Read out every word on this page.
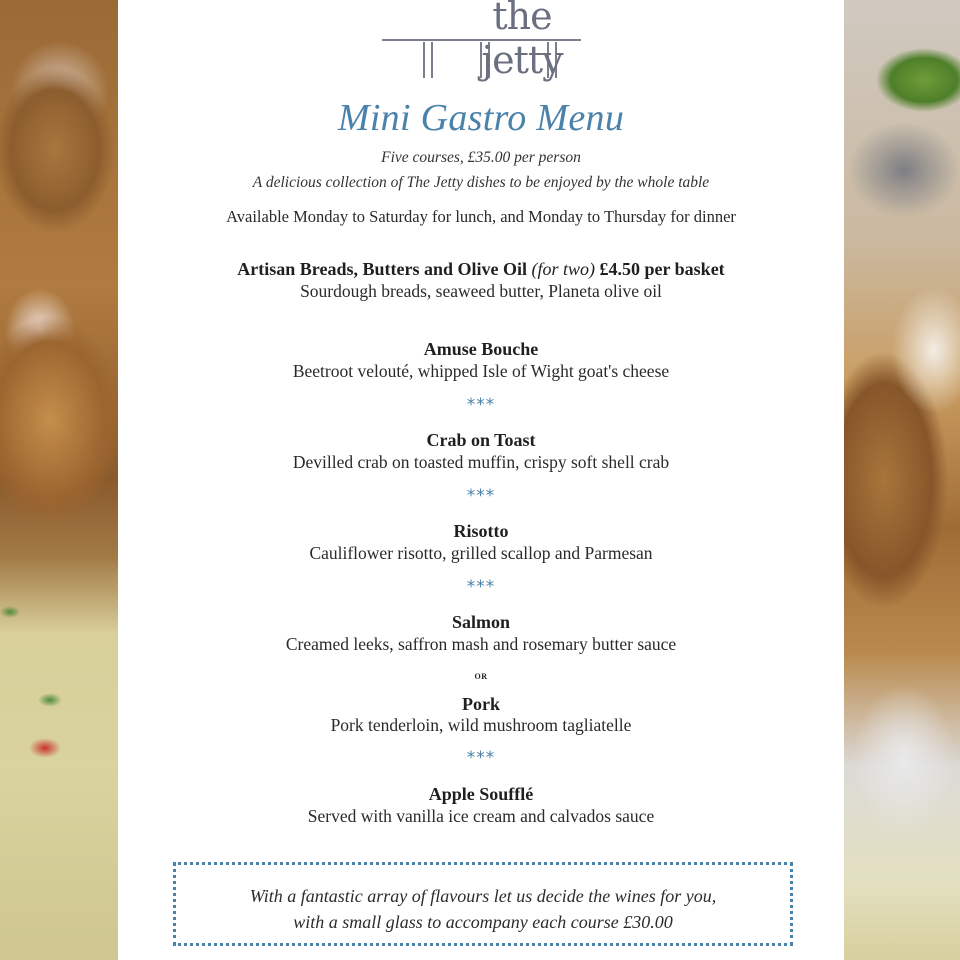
the jetty
Mini Gastro Menu
Five courses, £35.00 per person
A delicious collection of The Jetty dishes to be enjoyed by the whole table
Available Monday to Saturday for lunch, and Monday to Thursday for dinner
Artisan Breads, Butters and Olive Oil (for two) £4.50 per basket
Sourdough breads, seaweed butter, Planeta olive oil
Amuse Bouche
Beetroot velouté, whipped Isle of Wight goat's cheese
***
Crab on Toast
Devilled crab on toasted muffin, crispy soft shell crab
***
Risotto
Cauliflower risotto, grilled scallop and Parmesan
***
Salmon
Creamed leeks, saffron mash and rosemary butter sauce
or
Pork
Pork tenderloin, wild mushroom tagliatelle
***
Apple Soufflé
Served with vanilla ice cream and calvados sauce
With a fantastic array of flavours let us decide the wines for you,
with a small glass to accompany each course £30.00
